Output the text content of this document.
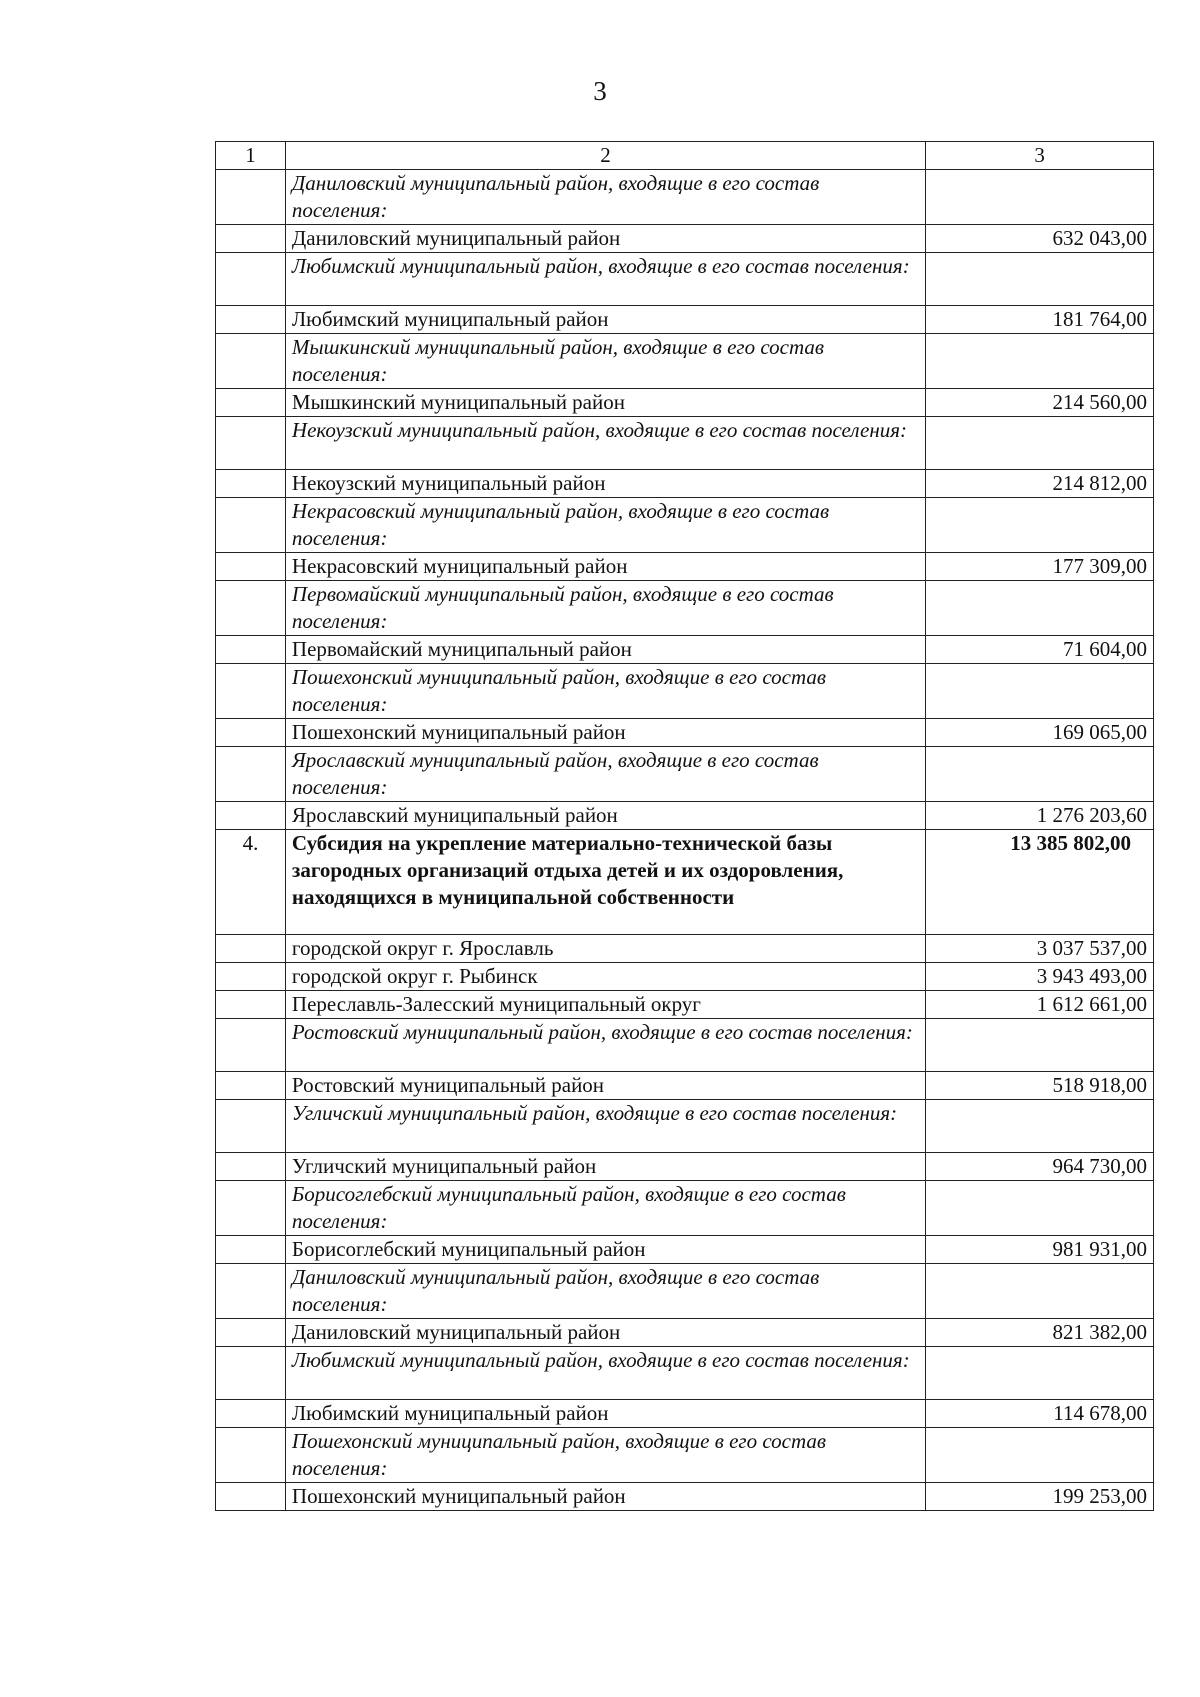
3
1	2	3
	Даниловский муниципальный район, входящие в его состав поселения:	
	Даниловский муниципальный район	632 043,00
	Любимский муниципальный район, входящие в его состав поселения:	
	Любимский муниципальный район	181 764,00
	Мышкинский муниципальный район, входящие в его состав поселения:	
	Мышкинский муниципальный район	214 560,00
	Некоузский муниципальный район, входящие в его состав поселения:	
	Некоузский муниципальный район	214 812,00
	Некрасовский муниципальный район, входящие в его состав поселения:	
	Некрасовский муниципальный район	177 309,00
	Первомайский муниципальный район, входящие в его состав поселения:	
	Первомайский муниципальный район	71 604,00
	Пошехонский муниципальный район, входящие в его состав поселения:	
	Пошехонский муниципальный район	169 065,00
	Ярославский муниципальный район, входящие в его состав поселения:	
	Ярославский муниципальный район	1 276 203,60
4.	Субсидия на укрепление материально-технической базы загородных организаций отдыха детей и их оздоровления, находящихся в муниципальной собственности	13 385 802,00
	городской округ г. Ярославль	3 037 537,00
	городской округ г. Рыбинск	3 943 493,00
	Переславль-Залесский муниципальный округ	1 612 661,00
	Ростовский муниципальный район, входящие в его состав поселения:	
	Ростовский муниципальный район	518 918,00
	Угличский муниципальный район, входящие в его состав поселения:	
	Угличский муниципальный район	964 730,00
	Борисоглебский муниципальный район, входящие в его состав поселения:	
	Борисоглебский муниципальный район	981 931,00
	Даниловский муниципальный район, входящие в его состав поселения:	
	Даниловский муниципальный район	821 382,00
	Любимский муниципальный район, входящие в его состав поселения:	
	Любимский муниципальный район	114 678,00
	Пошехонский муниципальный район, входящие в его состав поселения:	
	Пошехонский муниципальный район	199 253,00
